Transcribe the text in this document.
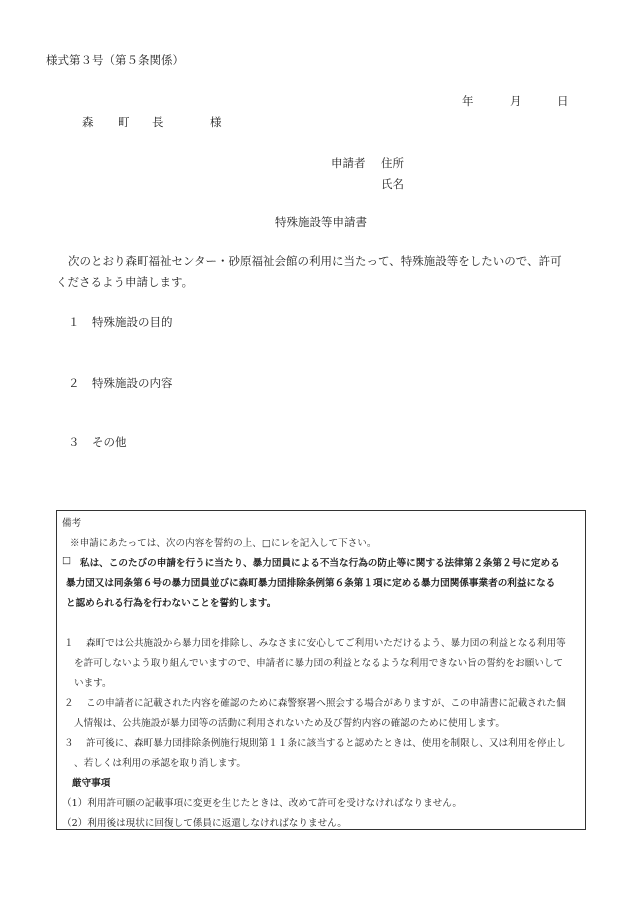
様式第３号（第５条関係）
年	月	日
森 町 長	様
申請者 住所
氏名
特殊施設等申請書
次のとおり森町福祉センター・砂原福祉会館の利用に当たって、特殊施設等をしたいので、許可
くださるよう申請します。
１ 特殊施設の目的
２ 特殊施設の内容
３ その他
備考
※申請にあたっては、次の内容を誓約の上、□にレを記入して下さい。
□ 私は、このたびの申請を行うに当たり、暴力団員による不当な行為の防止等に関する法律第２条第２号に定める
暴力団又は同条第６号の暴力団員並びに森町暴力団排除条例第６条第１項に定める暴力団関係事業者の利益になる
と認められる行為を行わないことを誓約します。
１ 森町では公共施設から暴力団を排除し、みなさまに安心してご利用いただけるよう、暴力団の利益となる利用等
を許可しないよう取り組んでいますので、申請者に暴力団の利益となるような利用できない旨の誓約をお願いして
います。
２ この申請者に記載された内容を確認のために森警察署へ照会する場合がありますが、この申請書に記載された個
人情報は、公共施設が暴力団等の活動に利用されないため及び誓約内容の確認のために使用します。
３ 許可後に、森町暴力団排除条例施行規則第１１条に該当すると認めたときは、使用を制限し、又は利用を停止し
、若しくは利用の承認を取り消します。
厳守事項
（1）利用許可願の記載事項に変更を生じたときは、改めて許可を受けなければなりません。
（2）利用後は現状に回復して係員に返還しなければなりません。
